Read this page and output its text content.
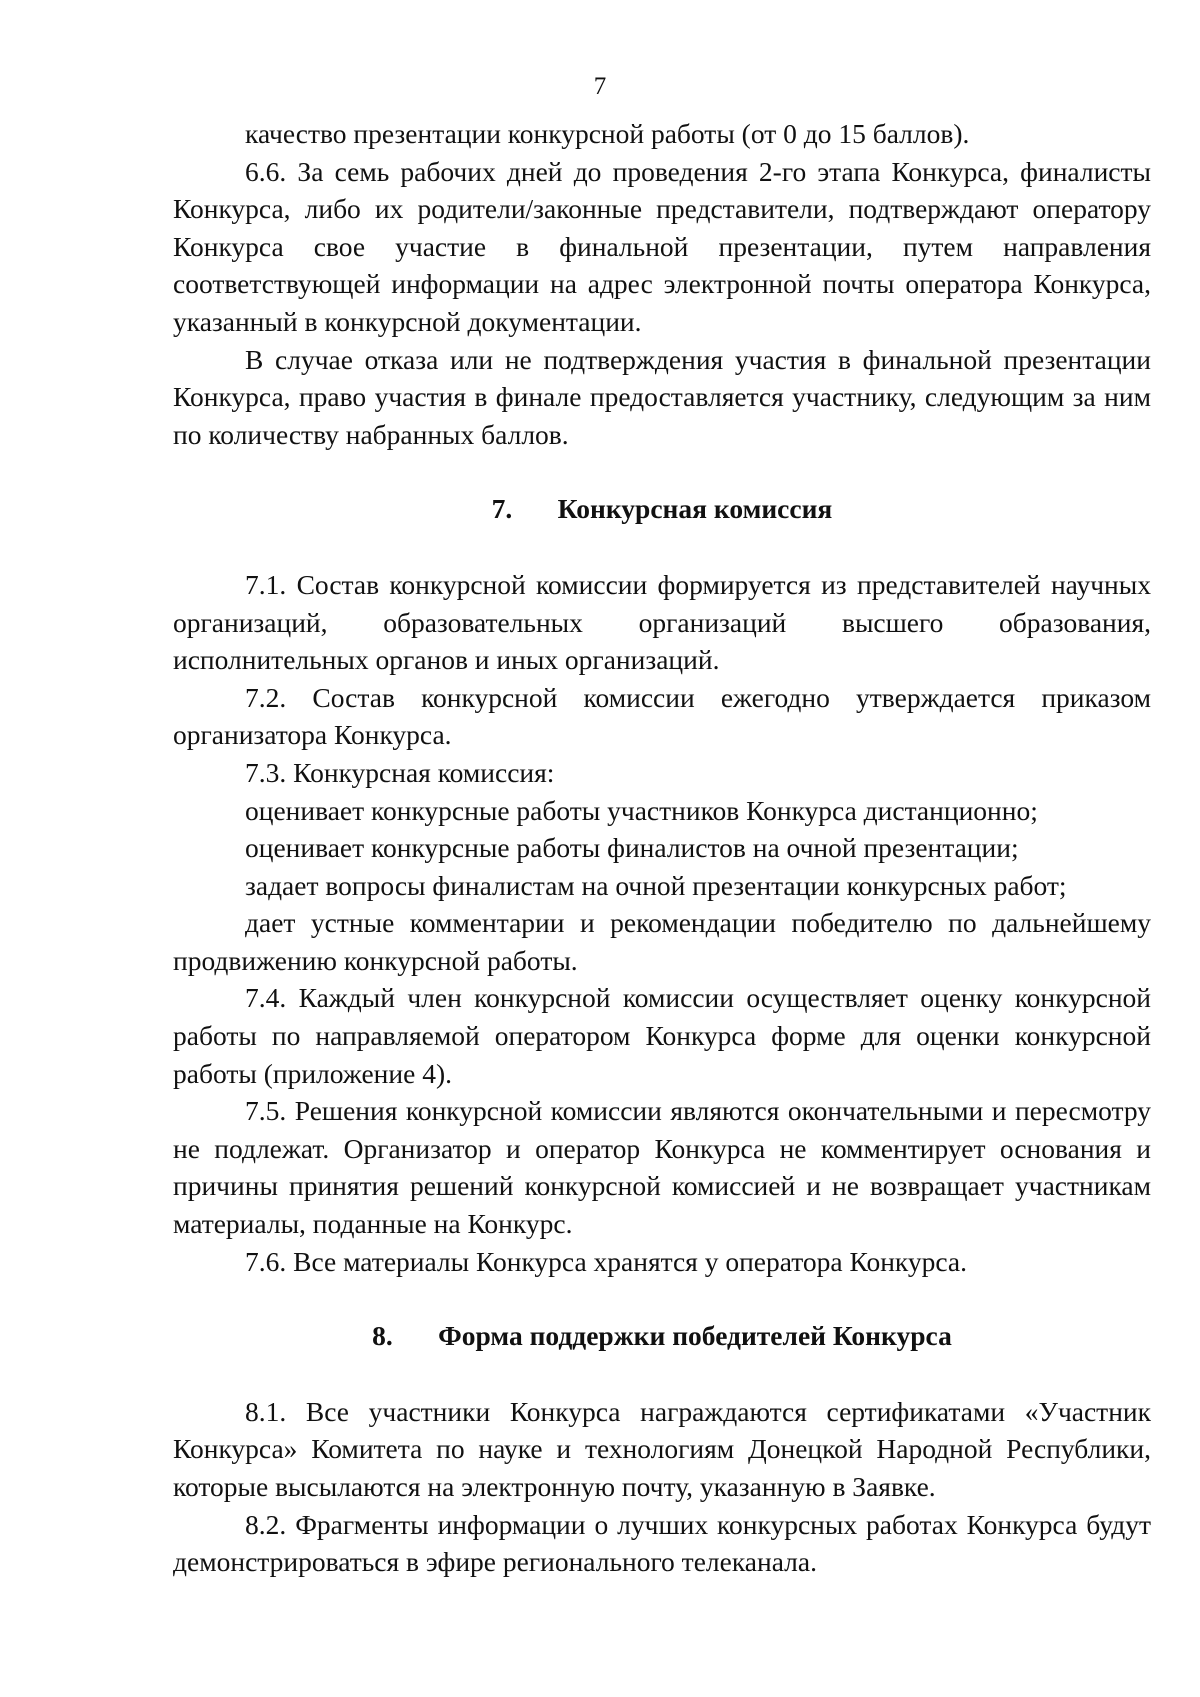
7

качество презентации конкурсной работы (от 0 до 15 баллов).

6.6. За семь рабочих дней до проведения 2-го этапа Конкурса, финалисты Конкурса, либо их родители/законные представители, подтверждают оператору Конкурса свое участие в финальной презентации, путем направления соответствующей информации на адрес электронной почты оператора Конкурса, указанный в конкурсной документации.

В случае отказа или не подтверждения участия в финальной презентации Конкурса, право участия в финале предоставляется участнику, следующим за ним по количеству набранных баллов.

7. Конкурсная комиссия

7.1. Состав конкурсной комиссии формируется из представителей научных организаций, образовательных организаций высшего образования, исполнительных органов и иных организаций.

7.2. Состав конкурсной комиссии ежегодно утверждается приказом организатора Конкурса.

7.3. Конкурсная комиссия:

оценивает конкурсные работы участников Конкурса дистанционно;

оценивает конкурсные работы финалистов на очной презентации;

задает вопросы финалистам на очной презентации конкурсных работ;

дает устные комментарии и рекомендации победителю по дальнейшему продвижению конкурсной работы.

7.4. Каждый член конкурсной комиссии осуществляет оценку конкурсной работы по направляемой оператором Конкурса форме для оценки конкурсной работы (приложение 4).

7.5. Решения конкурсной комиссии являются окончательными и пересмотру не подлежат. Организатор и оператор Конкурса не комментирует основания и причины принятия решений конкурсной комиссией и не возвращает участникам материалы, поданные на Конкурс.

7.6. Все материалы Конкурса хранятся у оператора Конкурса.

8. Форма поддержки победителей Конкурса

8.1. Все участники Конкурса награждаются сертификатами «Участник Конкурса» Комитета по науке и технологиям Донецкой Народной Республики, которые высылаются на электронную почту, указанную в Заявке.

8.2. Фрагменты информации о лучших конкурсных работах Конкурса будут демонстрироваться в эфире регионального телеканала.
